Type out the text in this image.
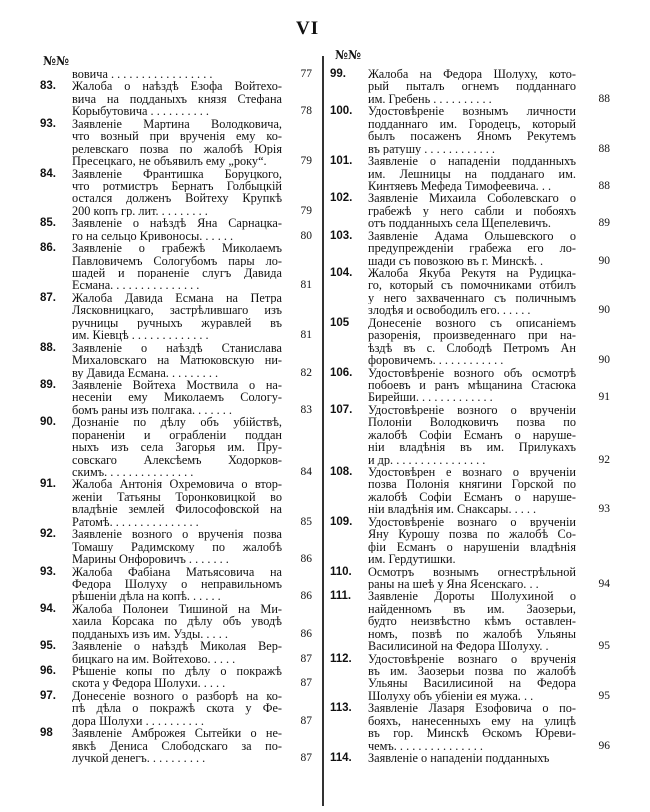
VI
№№	№№
вовича . . . . . . . . . . . . . . . . .	77
83. Жалоба о наѣздѣ Езофа Войтехо-
вича на подданыхъ князя Стефана
Корыбутовича . . . . . . . . . .	78
93. Заявленіе Мартина Володковича,
что возный при врученія ему ко-
релевскаго позва по жалобѣ Юрія
Пресецкаго, не объявилъ ему „року“.	79
84. Заявленіе Франтишка Боруцкого,
что ротмистръ Бернатъ Голбыцкій
остался долженъ Войтеху Крупкѣ
200 копъ гр. лит. . . . . . . . .	79
85. Заявленіе о наѣздѣ Яна Сарнацка-
го на сельцо Кривоносы. . . . . .	80
86. Заявленіе о грабежѣ Миколаемъ
Павловичемъ Сологубомъ пары ло-
шадей и пораненіе слугъ Давида
Есмана. . . . . . . . . . . . . . .	81
87. Жалоба Давида Есмана на Петра
Лясковницкаго, застрѣлившаго изъ
ручницы ручныхъ журавлей въ
им. Кіевцѣ . . . . . . . . . . . . .	81
88. Заявленіе о наѣздѣ Станислава
Михаловскаго на Матюковскую ни-
ву Давида Есмана. . . . . . . . .	82
89. Заявленіе Войтеха Моствила о на-
несеніи ему Миколаемъ Сологу-
бомъ раны изъ полгака. . . . . . .	83
90. Дознаніе по дѣлу объ убійствѣ,
пораненіи и ограбленіи поддан
ныхъ изъ села Загорья им. Пру-
совскаго Алексѣемъ Ходорков-
скимъ. . . . . . . . . . . . . . .	84
91. Жалоба Антонія Охремовича о втор-
женіи Татьяны Торонковицкой во
владѣніе землей Философовской на
Ратомѣ. . . . . . . . . . . . . . .	85
92. Заявленіе возного о врученія позва
Томашу Радимскому по жалобѣ
Марины Онфоровичъ . . . . . . .	86
93. Жалоба Фабіана Матьясовича на
Федора Шолуху о неправильномъ
рѣшеніи дѣла на копѣ. . . . . .	86
94. Жалоба Полонеи Тишиной на Ми-
хаила Корсака по дѣлу объ уводѣ
подданыхъ изъ им. Узды. . . . .	86
95. Заявленіе о наѣздѣ Миколая Вер-
бицкаго на им. Войтехово. . . . .	87
96. Рѣшеніе копы по дѣлу о покражѣ
скота у Федора Шолухи. . . . .	87
97. Донесеніе возного о разборѣ на ко-
пѣ дѣла о покражѣ скота у Фе-
дора Шолухи . . . . . . . . . .	87
98 Заявленіе Амброжея Сытейки о не-
явкѣ Дениса Слободскаго за по-
лучкой денегъ. . . . . . . . . .	87
99. Жалоба на Федора Шолуху, кото-
рый пыталъ огнемъ подданнаго
им. Гребень . . . . . . . . . .	88
100. Удостовѣреніе вознымъ личности
подданнаго им. Городецъ, который
былъ посаженъ Яномъ Рекутемъ
въ ратушу . . . . . . . . . . . .	88
101. Заявленіе о нападеніи подданныхъ
им. Лешницы на подданаго им.
Кинтяевъ Мефеда Тимофеевича. . .	88
102. Заявленіе Михаила Соболевскаго о
грабежѣ у него сабли и побояхъ
отъ подданныхъ села Щепелевичъ.	89
103. Заявленіе Адама Ольшевского о
предупрежденіи грабежа его ло-
шади съ повозкою въ г. Минскѣ. .	90
104. Жалоба Якуба Рекутя на Рудицка-
го, который съ помочниками отбилъ
у него захваченнаго съ поличнымъ
злодѣя и освободилъ его. . . . . .	90
105 Донесеніе возного съ описаніемъ
разоренія, произведеннаго при на-
ѣздѣ въ с. Слободѣ Петромъ Ан
форовичемъ. . . . . . . . . . . .	90
106. Удостовѣреніе возного объ осмотрѣ
побоевъ и ранъ мѣщанина Стасюка
Бирейши. . . . . . . . . . . . .	91
107. Удостовѣреніе возного о врученіи
Полоніи Володковичъ позва по
жалобѣ Софіи Есманъ о наруше-
ніи владѣнія въ им. Прилукахъ
и др. . . . . . . . . . . . . . . .	92
108. Удостовѣрен е вознаго о врученіи
позва Полонія княгини Горской по
жалобѣ Софіи Есманъ о наруше-
ніи владѣнія им. Снаксары. . . . .	93
109. Удостовѣреніе вознаго о врученіи
Яну Курошу позва по жалобѣ Со-
фіи Есманъ о нарушеніи владѣнія
им. Гердутишки.
110. Осмотръ вознымъ огнестрѣльной
раны на шеѣ у Яна Ясенскаго. . .	94
111. Заявленіе Дороты Шолухиной о
найденномъ въ им. Заозерьи,
будто неизвѣстно кѣмъ оставлен-
номъ, позвѣ по жалобѣ Ульяны
Василисиной на Федора Шолуху. .	95
112. Удостовѣреніе вознаго о врученія
въ им. Заозерьи позва по жалобѣ
Ульяны Василисиной на Федора
Шолуху объ убіеніи ея мужа. . .	95
113. Заявленіе Лазаря Езофовича о по-
бояхъ, нанесенныхъ ему на улицѣ
въ гор. Минскѣ Өскомъ Юреви-
чемъ. . . . . . . . . . . . . . .	96
114. Заявленіе о нападеніи подданныхъ
